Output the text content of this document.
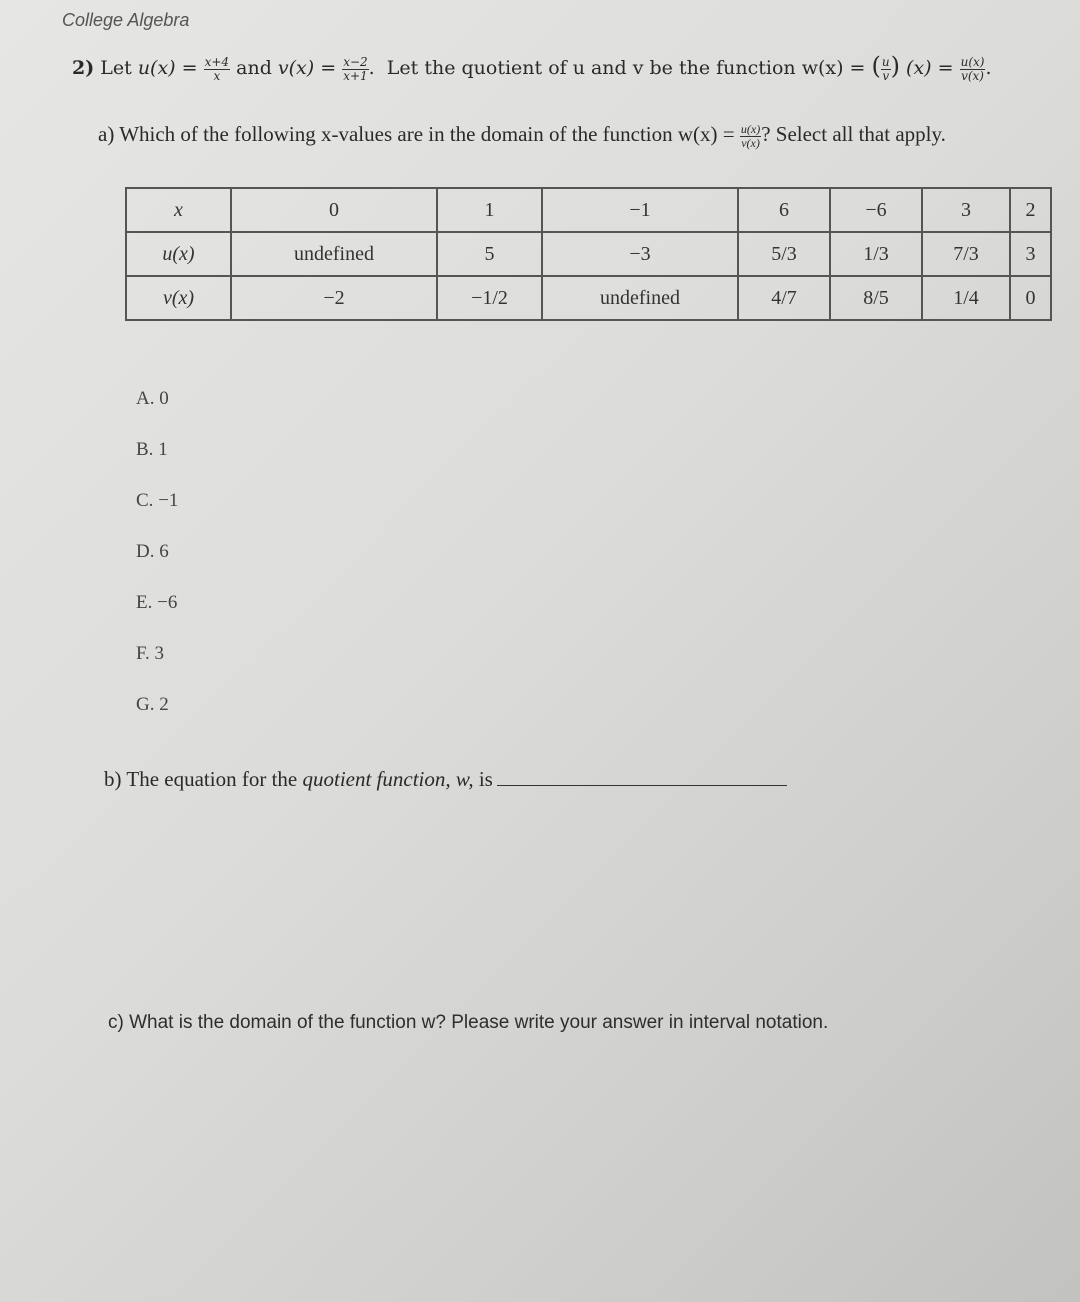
College Algebra
2) Let $u(x) = \frac{x+4}{x}$ and $v(x) = \frac{x-2}{x+1}$ . Let the quotient of u and v be the function w(x) = ( $\frac{u}{v}$ ) $(x) = \frac{u(x)}{v(x)}$ .
a) Which of the following x-values are in the domain of the function $w(x) = \frac{u(x)}{v(x)}$ ? Select all that apply.
x	0	1	−1	6	−6	3	2
u(x)	undefined	5	−3	5/3	1/3	7/3	3
v(x)	−2	−1/2	undefined	4/7	8/5	1/4	0
A. 0
B. 1
C. −1
D. 6
E. −6
F. 3
G. 2
b) The equation for the quotient function, w, is
c) What is the domain of the function w? Please write your answer in interval notation.
